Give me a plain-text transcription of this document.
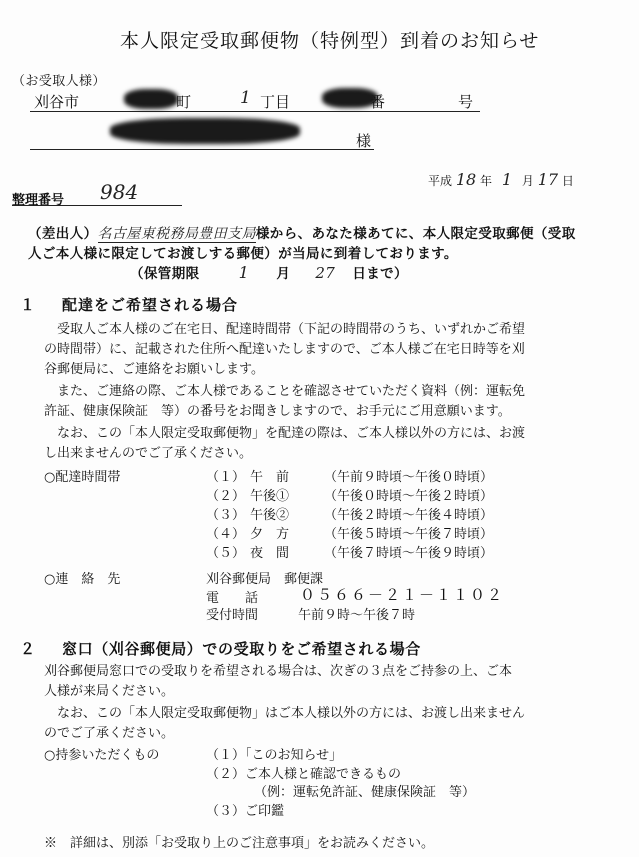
本人限定受取郵便物（特例型）到着のお知らせ
（お受取人様）
刈谷市	町	1 丁目	番	号
様
平成 18 年 1 月 17 日
整理番号 984
（差出人）名古屋東税務局豊田支局様から、あなた様あてに、本人限定受取郵便（受取
人ご本人様に限定してお渡しする郵便）が当局に到着しております。
（保管期限 1 月 27 日まで）
１ 配達をご希望される場合
　受取人ご本人様のご在宅日、配達時間帯（下記の時間帯のうち、いずれかご希望
の時間帯）に、記載された住所へ配達いたしますので、ご本人様ご在宅日時等を刈
谷郵便局に、ご連絡をお願いします。
　また、ご連絡の際、ご本人様であることを確認させていただく資料（例：運転免
許証、健康保険証　等）の番号をお聞きしますので、お手元にご用意願います。
　なお、この「本人限定受取郵便物」を配達の際は、ご本人様以外の方には、お渡
し出来ませんのでご了承ください。
○配達時間帯	（１） 午　前	（午前９時頃～午後０時頃）
（２） 午後①	（午後０時頃～午後２時頃）
（３） 午後②	（午後２時頃～午後４時頃）
（４） 夕　方	（午後５時頃～午後７時頃）
（５） 夜　間	（午後７時頃～午後９時頃）
○連　絡　先	刈谷郵便局　郵便課
電　　話	０５６６－２１－１１０２
受付時間	午前９時～午後７時
２ 窓口（刈谷郵便局）での受取りをご希望される場合
刈谷郵便局窓口での受取りを希望される場合は、次ぎの３点をご持参の上、ご本
人様が来局ください。
　なお、この「本人限定受取郵便物」はご本人様以外の方には、お渡し出来ません
のでご了承ください。
○持参いただくもの	（１）「このお知らせ」
（２）ご本人様と確認できるもの
（例：運転免許証、健康保険証　等）
（３）ご印鑑
※　詳細は、別添「お受取り上のご注意事項」をお読みください。
